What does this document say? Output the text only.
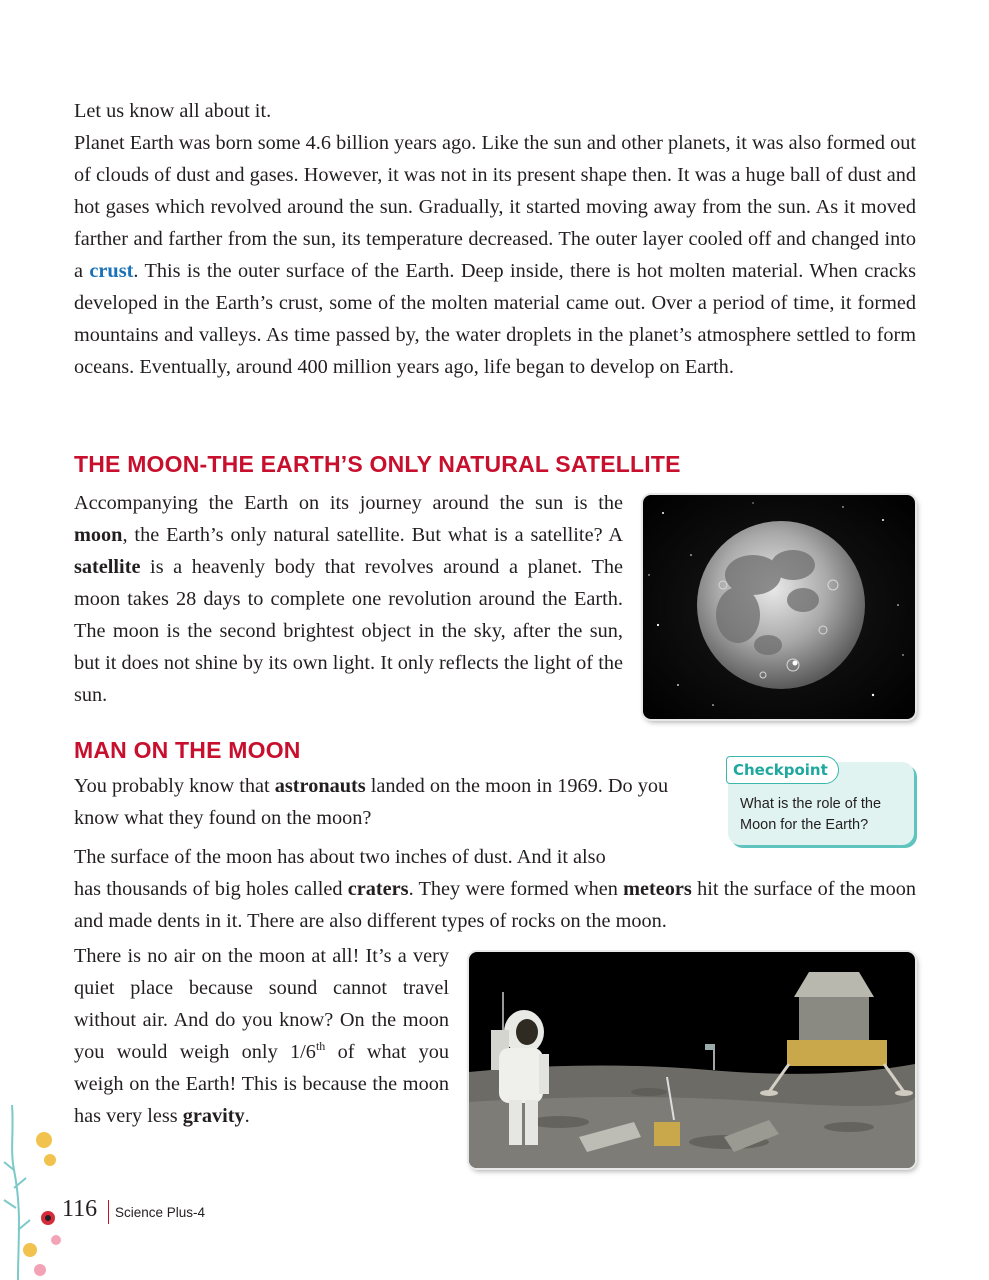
Let us know all about it.

Planet Earth was born some 4.6 billion years ago. Like the sun and other planets, it was also formed out of clouds of dust and gases. However, it was not in its present shape then. It was a huge ball of dust and hot gases which revolved around the sun. Gradually, it started moving away from the sun. As it moved farther and farther from the sun, its temperature decreased. The outer layer cooled off and changed into a crust. This is the outer surface of the Earth. Deep inside, there is hot molten material. When cracks developed in the Earth’s crust, some of the molten material came out. Over a period of time, it formed mountains and valleys. As time passed by, the water droplets in the planet’s atmosphere settled to form oceans. Eventually, around 400 million years ago, life began to develop on Earth.

THE MOON-THE EARTH’S ONLY NATURAL SATELLITE

Accompanying the Earth on its journey around the sun is the moon, the Earth’s only natural satellite. But what is a satellite? A satellite is a heavenly body that revolves around a planet. The moon takes 28 days to complete one revolution around the Earth. The moon is the second brightest object in the sky, after the sun, but it does not shine by its own light. It only reflects the light of the sun.

MAN ON THE MOON

You probably know that astronauts landed on the moon in 1969. Do you know what they found on the moon?

Checkpoint
What is the role of the Moon for the Earth?

The surface of the moon has about two inches of dust. And it also

has thousands of big holes called craters. They were formed when meteors hit the surface of the moon and made dents in it. There are also different types of rocks on the moon.

There is no air on the moon at all! It’s a very quiet place because sound cannot travel without air. And do you know? On the moon you would weigh only 1/6th of what you weigh on the Earth! This is because the moon has very less gravity.

116 Science Plus-4
